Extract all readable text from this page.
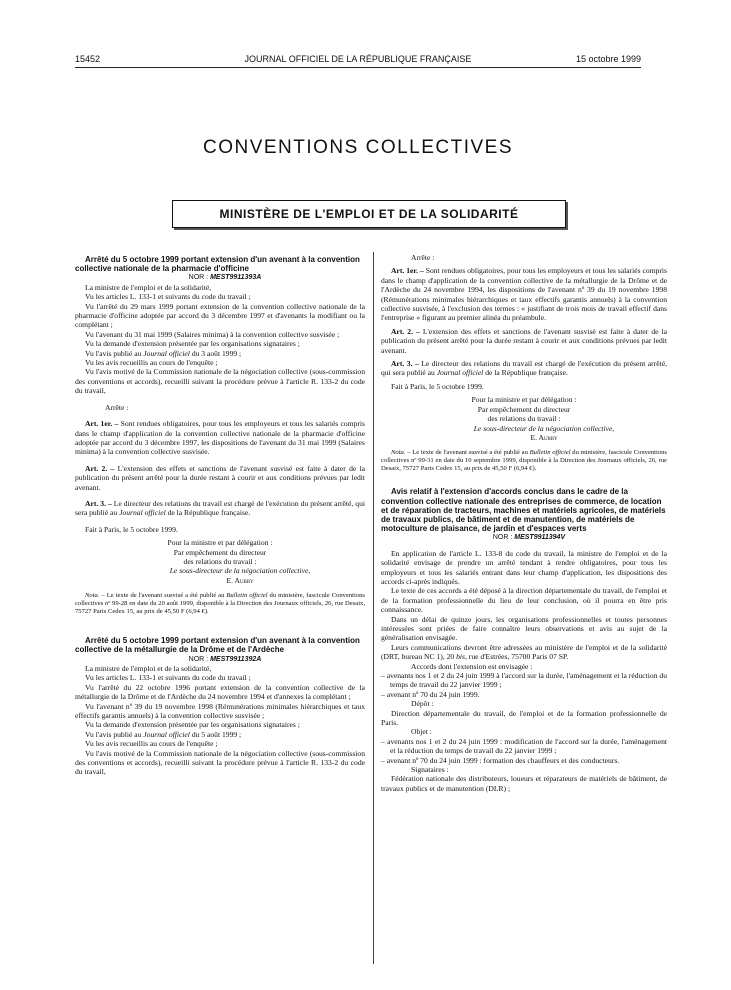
15452	JOURNAL OFFICIEL DE LA RÉPUBLIQUE FRANÇAISE	15 octobre 1999
CONVENTIONS COLLECTIVES
MINISTÈRE DE L'EMPLOI ET DE LA SOLIDARITÉ

Arrêté du 5 octobre 1999 portant extension d'un avenant à la convention collective nationale de la pharmacie d'officine

NOR : MEST9911393A

La ministre de l'emploi et de la solidarité,

Vu les articles L. 133-1 et suivants du code du travail ;

Vu l'arrêté du 29 mars 1999 portant extension de la convention collective nationale de la pharmacie d'officine adoptée par accord du 3 décembre 1997 et d'avenants la modifiant ou la complétant ;

Vu l'avenant du 31 mai 1999 (Salaires minima) à la convention collective susvisée ;

Vu la demande d'extension présentée par les organisations signataires ;

Vu l'avis publié au Journal officiel du 3 août 1999 ;

Vu les avis recueillis au cours de l'enquête ;

Vu l'avis motivé de la Commission nationale de la négociation collective (sous-commission des conventions et accords), recueilli suivant la procédure prévue à l'article R. 133-2 du code du travail,

Arrête :

Art. 1er. – Sont rendues obligatoires, pour tous les employeurs et tous les salariés compris dans le champ d'application de la convention collective nationale de la pharmacie d'officine adoptée par accord du 3 décembre 1997, les dispositions de l'avenant du 31 mai 1999 (Salaires minima) à la convention collective susvisée.

Art. 2. – L'extension des effets et sanctions de l'avenant susvisé est faite à dater de la publication du présent arrêté pour la durée restant à courir et aux conditions prévues par ledit avenant.

Art. 3. – Le directeur des relations du travail est chargé de l'exécution du présent arrêté, qui sera publié au Journal officiel de la République française.

Fait à Paris, le 5 octobre 1999.

Pour la ministre et par délégation :

Par empêchement du directeur

des relations du travail :

Le sous-directeur de la négociation collective,

E. Aubry

Nota. – Le texte de l'avenant susvisé a été publié au Bulletin officiel du ministère, fascicule Conventions collectives nº 99-28 en date du 20 août 1999, disponible à la Direction des Journaux officiels, 26, rue Desaix, 75727 Paris Cedex 15, au prix de 45,50 F (6,94 €).

Arrêté du 5 octobre 1999 portant extension d'un avenant à la convention collective de la métallurgie de la Drôme et de l'Ardèche

NOR : MEST9911392A

La ministre de l'emploi et de la solidarité,

Vu les articles L. 133-1 et suivants du code du travail ;

Vu l'arrêté du 22 octobre 1996 portant extension de la convention collective de la métallurgie de la Drôme et de l'Ardèche du 24 novembre 1994 et d'annexes la complétant ;

Vu l'avenant nº 39 du 19 novembre 1998 (Rémunérations minimales hiérarchiques et taux effectifs garantis annuels) à la convention collective susvisée ;

Vu la demande d'extension présentée par les organisations signataires ;

Vu l'avis publié au Journal officiel du 5 août 1999 ;

Vu les avis recueillis au cours de l'enquête ;

Vu l'avis motivé de la Commission nationale de la négociation collective (sous-commission des conventions et accords), recueilli suivant la procédure prévue à l'article R. 133-2 du code du travail,

Arrête :

Art. 1er. – Sont rendues obligatoires, pour tous les employeurs et tous les salariés compris dans le champ d'application de la convention collective de la métallurgie de la Drôme et de l'Ardèche du 24 novembre 1994, les dispositions de l'avenant nº 39 du 19 novembre 1998 (Rémunérations minimales hiérarchiques et taux effectifs garantis annuels) à la convention collective susvisée, à l'exclusion des termes : « justifiant de trois mois de travail effectif dans l'entreprise » figurant au premier alinéa du préambule.

Art. 2. – L'extension des effets et sanctions de l'avenant susvisé est faite à dater de la publication du présent arrêté pour la durée restant à courir et aux conditions prévues par ledit avenant.

Art. 3. – Le directeur des relations du travail est chargé de l'exécution du présent arrêté, qui sera publié au Journal officiel de la République française.

Fait à Paris, le 5 octobre 1999.

Pour la ministre et par délégation :

Par empêchement du directeur

des relations du travail :

Le sous-directeur de la négociation collective,

E. Aubry

Nota. – Le texte de l'avenant susvisé a été publié au Bulletin officiel du ministère, fascicule Conventions collectives nº 99-31 en date du 10 septembre 1999, disponible à la Direction des Journaux officiels, 26, rue Desaix, 75727 Paris Cedex 15, au prix de 45,50 F (6,94 €).

Avis relatif à l'extension d'accords conclus dans le cadre de la convention collective nationale des entreprises de commerce, de location et de réparation de tracteurs, machines et matériels agricoles, de matériels de travaux publics, de bâtiment et de manutention, de matériels de motoculture de plaisance, de jardin et d'espaces verts

NOR : MEST9911394V

En application de l'article L. 133-8 du code du travail, la ministre de l'emploi et de la solidarité envisage de prendre un arrêté tendant à rendre obligatoires, pour tous les employeurs et tous les salariés entrant dans leur champ d'application, les dispositions des accords ci-après indiqués.

Le texte de ces accords a été déposé à la direction départementale du travail, de l'emploi et de la formation professionnelle du lieu de leur conclusion, où il pourra en être pris connaissance.

Dans un délai de quinze jours, les organisations professionnelles et toutes personnes intéressées sont priées de faire connaître leurs observations et avis au sujet de la généralisation envisagée.

Leurs communications devront être adressées au ministère de l'emploi et de la solidarité (DRT, bureau NC 1), 20 bis, rue d'Estrées, 75700 Paris 07 SP.

Accords dont l'extension est envisagée :

– avenants nos 1 et 2 du 24 juin 1999 à l'accord sur la durée, l'aménagement et la réduction du temps de travail du 22 janvier 1999 ;

– avenant nº 70 du 24 juin 1999.

Dépôt :

Direction départementale du travail, de l'emploi et de la formation professionnelle de Paris.

Objet :

– avenants nos 1 et 2 du 24 juin 1999 : modification de l'accord sur la durée, l'aménagement et la réduction du temps de travail du 22 janvier 1999 ;

– avenant nº 70 du 24 juin 1999 : formation des chauffeurs et des conducteurs.

Signataires :

Fédération nationale des distributeurs, loueurs et réparateurs de matériels de bâtiment, de travaux publics et de manutention (DLR) ;
